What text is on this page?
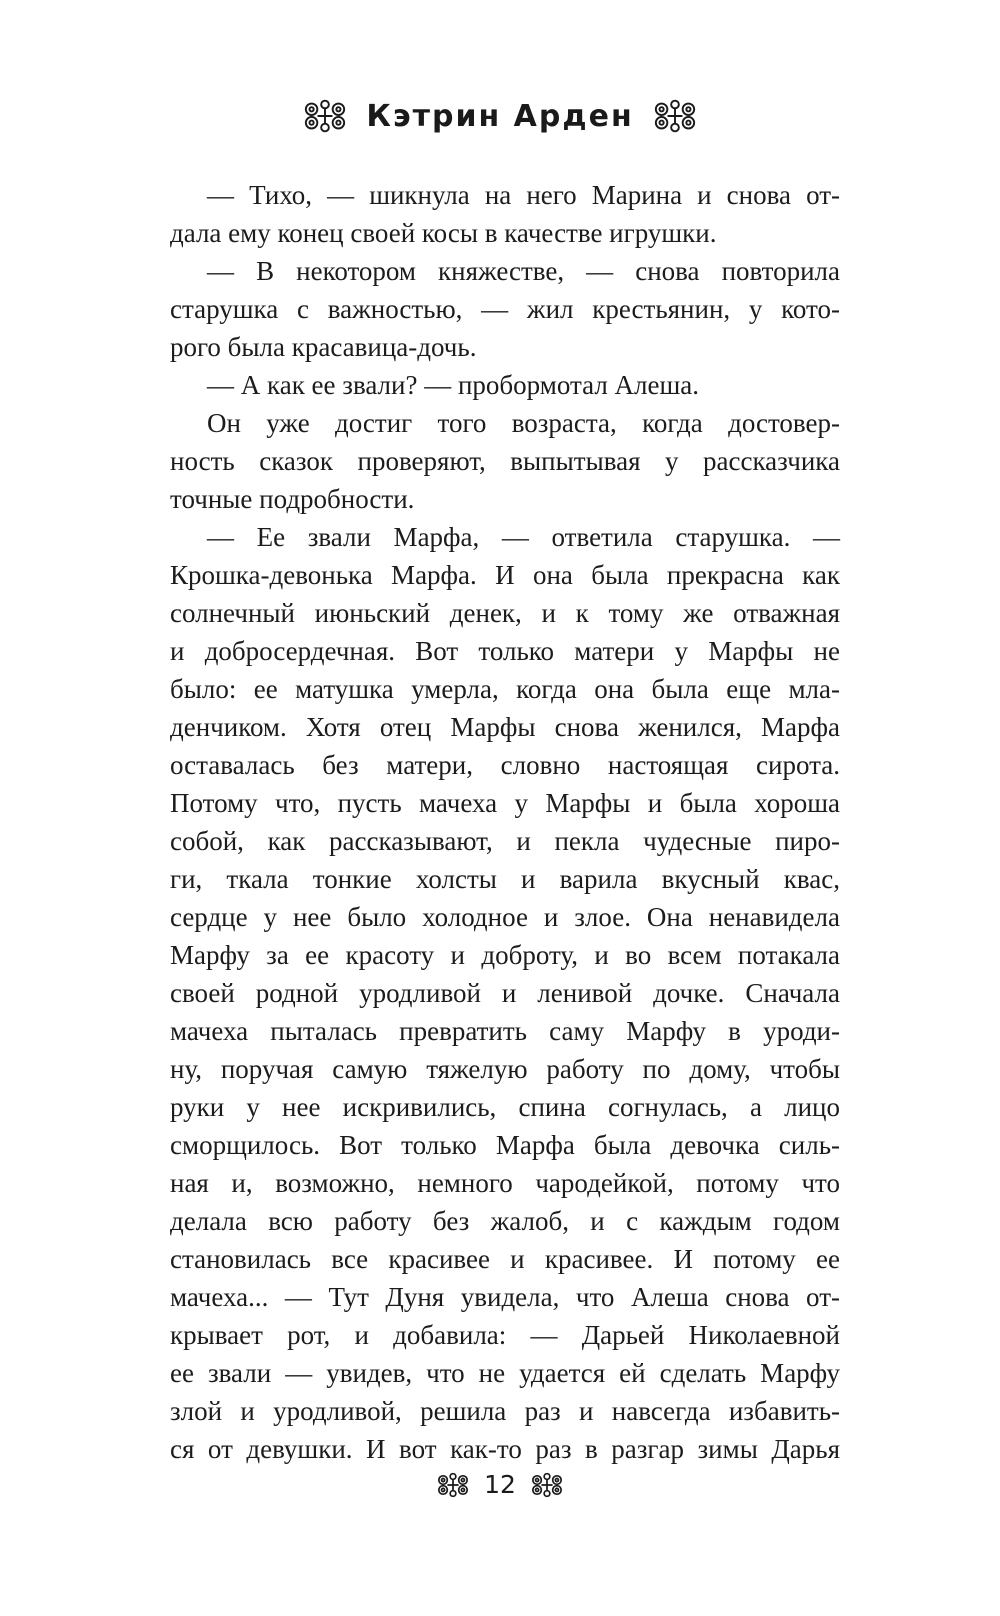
Кэтрин Арден

— Тихо, — шикнула на него Марина и снова от-
дала ему конец своей косы в качестве игрушки.

— В некотором княжестве, — снова повторила
старушка с важностью, — жил крестьянин, у кото-
рого была красавица-дочь.

— А как ее звали? — пробормотал Алеша.

Он уже достиг того возраста, когда достовер-
ность сказок проверяют, выпытывая у рассказчика
точные подробности.

— Ее звали Марфа, — ответила старушка. —
Крошка-девонька Марфа. И она была прекрасна как
солнечный июньский денек, и к тому же отважная
и добросердечная. Вот только матери у Марфы не
было: ее матушка умерла, когда она была еще мла-
денчиком. Хотя отец Марфы снова женился, Марфа
оставалась без матери, словно настоящая сирота.
Потому что, пусть мачеха у Марфы и была хороша
собой, как рассказывают, и пекла чудесные пиро-
ги, ткала тонкие холсты и варила вкусный квас,
сердце у нее было холодное и злое. Она ненавидела
Марфу за ее красоту и доброту, и во всем потакала
своей родной уродливой и ленивой дочке. Сначала
мачеха пыталась превратить саму Марфу в уроди-
ну, поручая самую тяжелую работу по дому, чтобы
руки у нее искривились, спина согнулась, а лицо
сморщилось. Вот только Марфа была девочка силь-
ная и, возможно, немного чародейкой, потому что
делала всю работу без жалоб, и с каждым годом
становилась все красивее и красивее. И потому ее
мачеха... — Тут Дуня увидела, что Алеша снова от-
крывает рот, и добавила: — Дарьей Николаевной
ее звали — увидев, что не удается ей сделать Марфу
злой и уродливой, решила раз и навсегда избавить-
ся от девушки. И вот как-то раз в разгар зимы Дарья

12
